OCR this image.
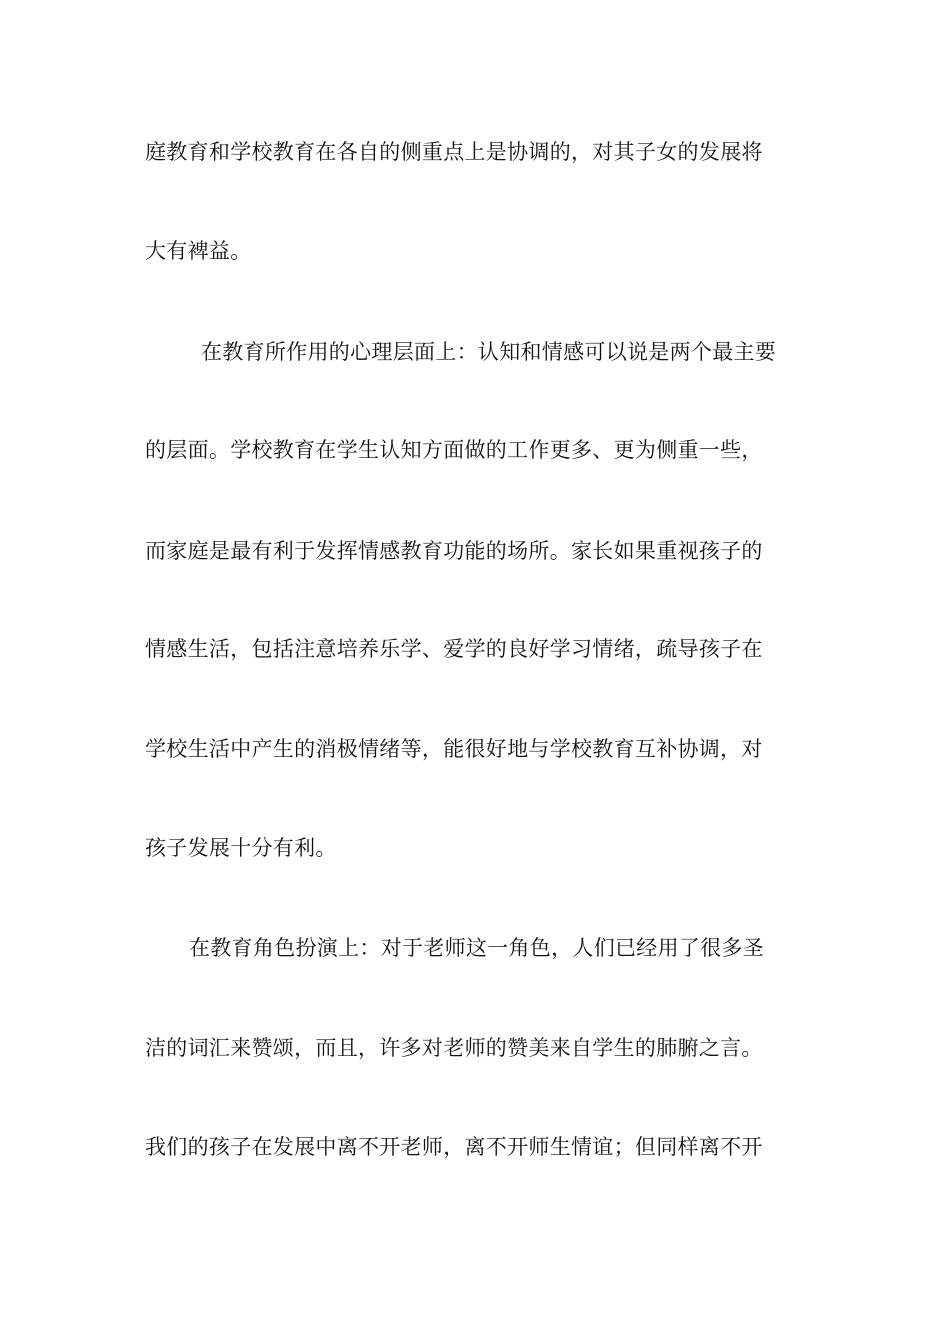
庭教育和学校教育在各自的侧重点上是协调的，对其子女的发展将
大有裨益。
在教育所作用的心理层面上：认知和情感可以说是两个最主要
的层面。学校教育在学生认知方面做的工作更多、更为侧重一些，
而家庭是最有利于发挥情感教育功能的场所。家长如果重视孩子的
情感生活，包括注意培养乐学、爱学的良好学习情绪，疏导孩子在
学校生活中产生的消极情绪等，能很好地与学校教育互补协调，对
孩子发展十分有利。
在教育角色扮演上：对于老师这一角色，人们已经用了很多圣
洁的词汇来赞颂，而且，许多对老师的赞美来自学生的肺腑之言。
我们的孩子在发展中离不开老师，离不开师生情谊；但同样离不开
